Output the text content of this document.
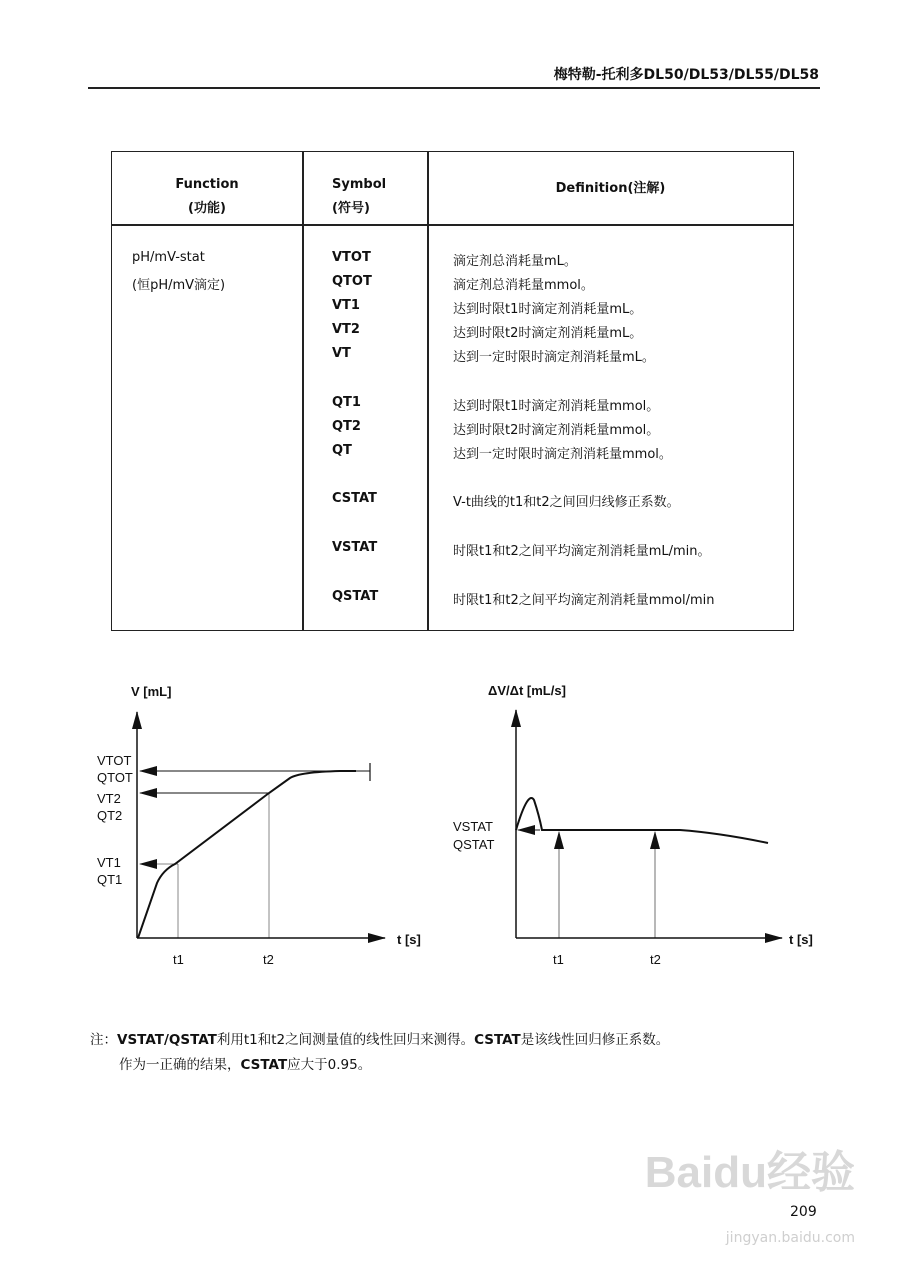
梅特勒-托利多DL50/DL53/DL55/DL58
Function
(功能)
Symbol
(符号)
Definition(注解)
pH/mV-stat
(恒pH/mV滴定)
VTOT	滴定剂总消耗量mL。
QTOT	滴定剂总消耗量mmol。
VT1	达到时限t1时滴定剂消耗量mL。
VT2	达到时限t2时滴定剂消耗量mL。
VT	达到一定时限时滴定剂消耗量mL。
QT1	达到时限t1时滴定剂消耗量mmol。
QT2	达到时限t2时滴定剂消耗量mmol。
QT	达到一定时限时滴定剂消耗量mmol。
CSTAT	V-t曲线的t1和t2之间回归线修正系数。
VSTAT	时限t1和t2之间平均滴定剂消耗量mL/min。
QSTAT	时限t1和t2之间平均滴定剂消耗量mmol/min
V [mL]
t [s]
VTOT
QTOT
VT2
QT2
VT1
QT1
t1	t2
ΔV/Δt [mL/s]
t [s]
VSTAT
QSTAT
t1	t2
注：VSTAT/QSTAT利用t1和t2之间测量值的线性回归来测得。CSTAT是该线性回归修正系数。
作为一正确的结果，CSTAT应大于0.95。
Baidu经验
209
jingyan.baidu.com
